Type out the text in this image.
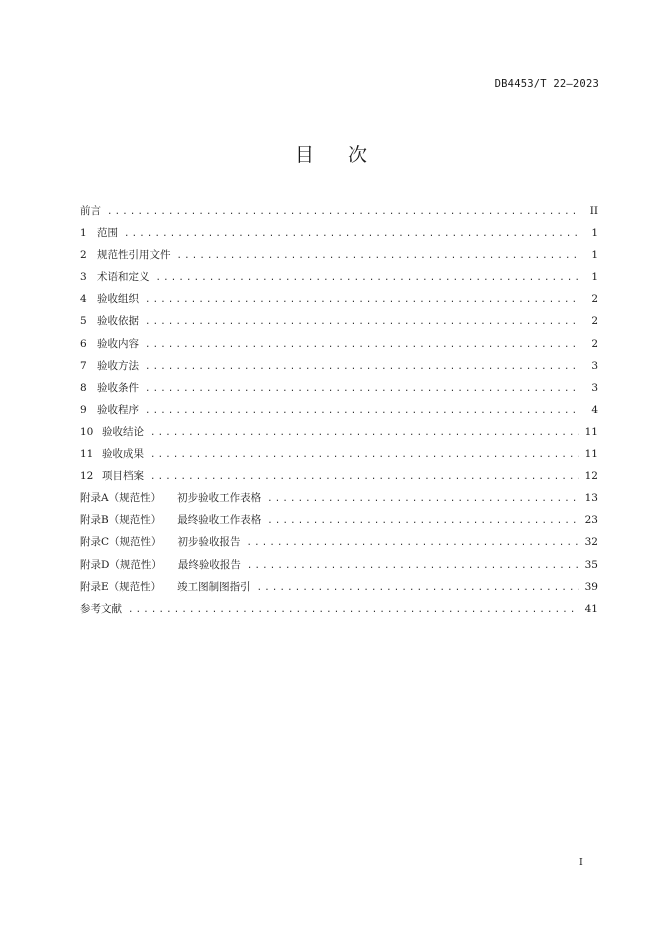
DB4453/T 22—2023
目次
前言 .....	II
1 范围 .....	1
2 规范性引用文件 .....	1
3 术语和定义 .....	1
4 验收组织 .....	2
5 验收依据 .....	2
6 验收内容 .....	2
7 验收方法 .....	3
8 验收条件 .....	3
9 验收程序 .....	4
10 验收结论 .....	11
11 验收成果 .....	11
12 项目档案 .....	12
附录A（规范性） 初步验收工作表格 .....	13
附录B（规范性） 最终验收工作表格 .....	23
附录C（规范性） 初步验收报告 .....	32
附录D（规范性） 最终验收报告 .....	35
附录E（规范性） 竣工图制图指引 .....	39
参考文献 .....	41
I
